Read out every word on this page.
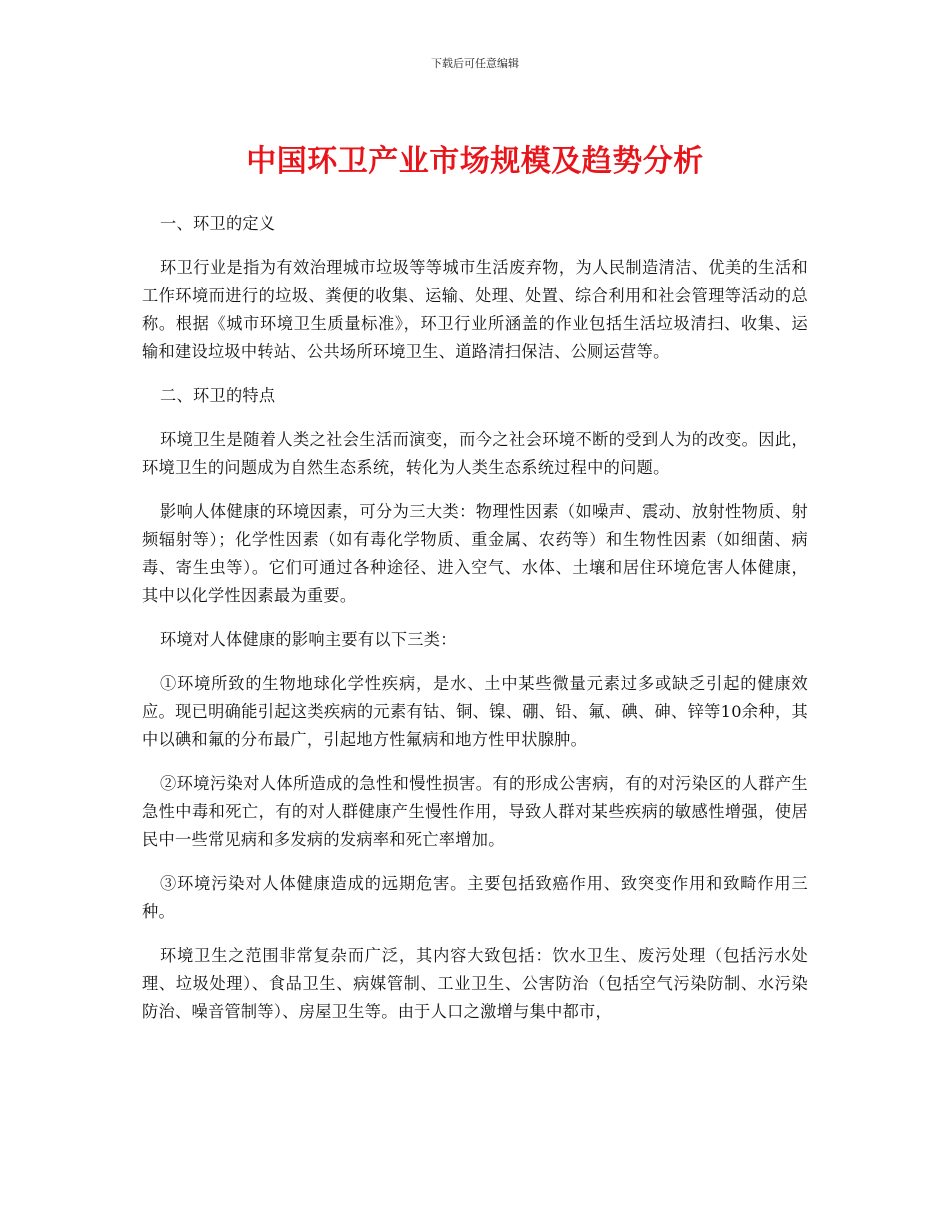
下载后可任意编辑
中国环卫产业市场规模及趋势分析

一、环卫的定义

环卫行业是指为有效治理城市垃圾等等城市生活废弃物，为人民制造清洁、优美的生活和工作环境而进行的垃圾、粪便的收集、运输、处理、处置、综合利用和社会管理等活动的总称。根据《城市环境卫生质量标准》，环卫行业所涵盖的作业包括生活垃圾清扫、收集、运输和建设垃圾中转站、公共场所环境卫生、道路清扫保洁、公厕运营等。

二、环卫的特点

环境卫生是随着人类之社会生活而演变，而今之社会环境不断的受到人为的改变。因此，环境卫生的问题成为自然生态系统，转化为人类生态系统过程中的问题。

影响人体健康的环境因素，可分为三大类：物理性因素（如噪声、震动、放射性物质、射频辐射等）；化学性因素（如有毒化学物质、重金属、农药等）和生物性因素（如细菌、病毒、寄生虫等）。它们可通过各种途径、进入空气、水体、土壤和居住环境危害人体健康，其中以化学性因素最为重要。

环境对人体健康的影响主要有以下三类：

①环境所致的生物地球化学性疾病，是水、土中某些微量元素过多或缺乏引起的健康效应。现已明确能引起这类疾病的元素有钴、铜、镍、硼、铅、氟、碘、砷、锌等10余种，其中以碘和氟的分布最广，引起地方性氟病和地方性甲状腺肿。

②环境污染对人体所造成的急性和慢性损害。有的形成公害病，有的对污染区的人群产生急性中毒和死亡，有的对人群健康产生慢性作用，导致人群对某些疾病的敏感性增强，使居民中一些常见病和多发病的发病率和死亡率增加。

③环境污染对人体健康造成的远期危害。主要包括致癌作用、致突变作用和致畸作用三种。

环境卫生之范围非常复杂而广泛，其内容大致包括：饮水卫生、废污处理（包括污水处理、垃圾处理）、食品卫生、病媒管制、工业卫生、公害防治（包括空气污染防制、水污染防治、噪音管制等）、房屋卫生等。由于人口之激增与集中都市，
